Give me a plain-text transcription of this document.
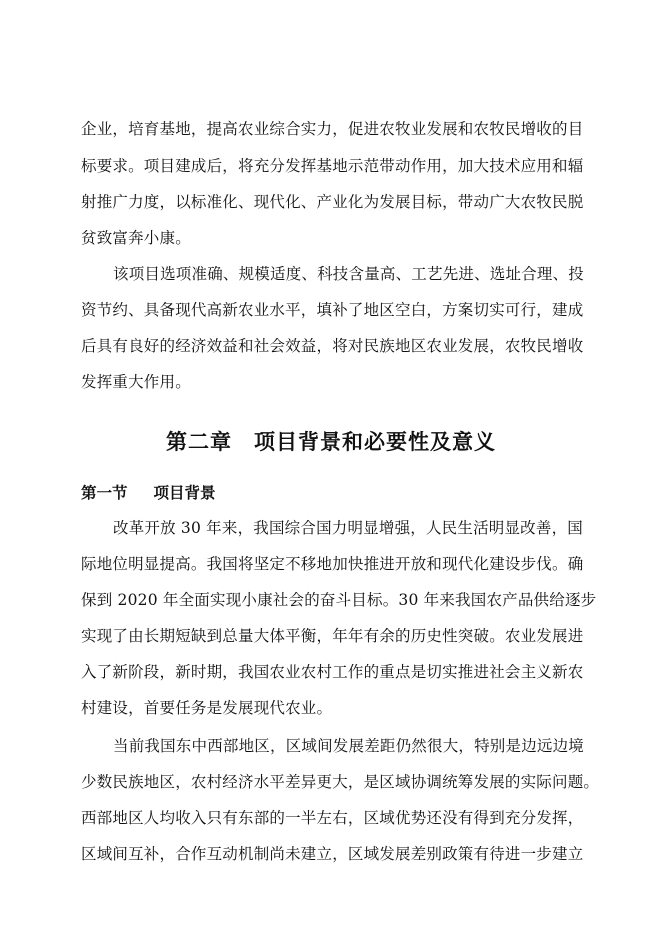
企业，培育基地，提高农业综合实力，促进农牧业发展和农牧民增收的目
标要求。项目建成后，将充分发挥基地示范带动作用，加大技术应用和辐
射推广力度，以标准化、现代化、产业化为发展目标，带动广大农牧民脱
贫致富奔小康。
该项目选项准确、规模适度、科技含量高、工艺先进、选址合理、投
资节约、具备现代高新农业水平，填补了地区空白，方案切实可行，建成
后具有良好的经济效益和社会效益，将对民族地区农业发展，农牧民增收
发挥重大作用。
第二章　项目背景和必要性及意义
第一节 项目背景
改革开放 30 年来，我国综合国力明显增强，人民生活明显改善，国
际地位明显提高。我国将坚定不移地加快推进开放和现代化建设步伐。确
保到 2020 年全面实现小康社会的奋斗目标。30 年来我国农产品供给逐步
实现了由长期短缺到总量大体平衡，年年有余的历史性突破。农业发展进
入了新阶段，新时期，我国农业农村工作的重点是切实推进社会主义新农
村建设，首要任务是发展现代农业。
当前我国东中西部地区，区域间发展差距仍然很大，特别是边远边境
少数民族地区，农村经济水平差异更大，是区域协调统筹发展的实际问题。
西部地区人均收入只有东部的一半左右，区域优势还没有得到充分发挥，
区域间互补，合作互动机制尚未建立，区域发展差别政策有待进一步建立
